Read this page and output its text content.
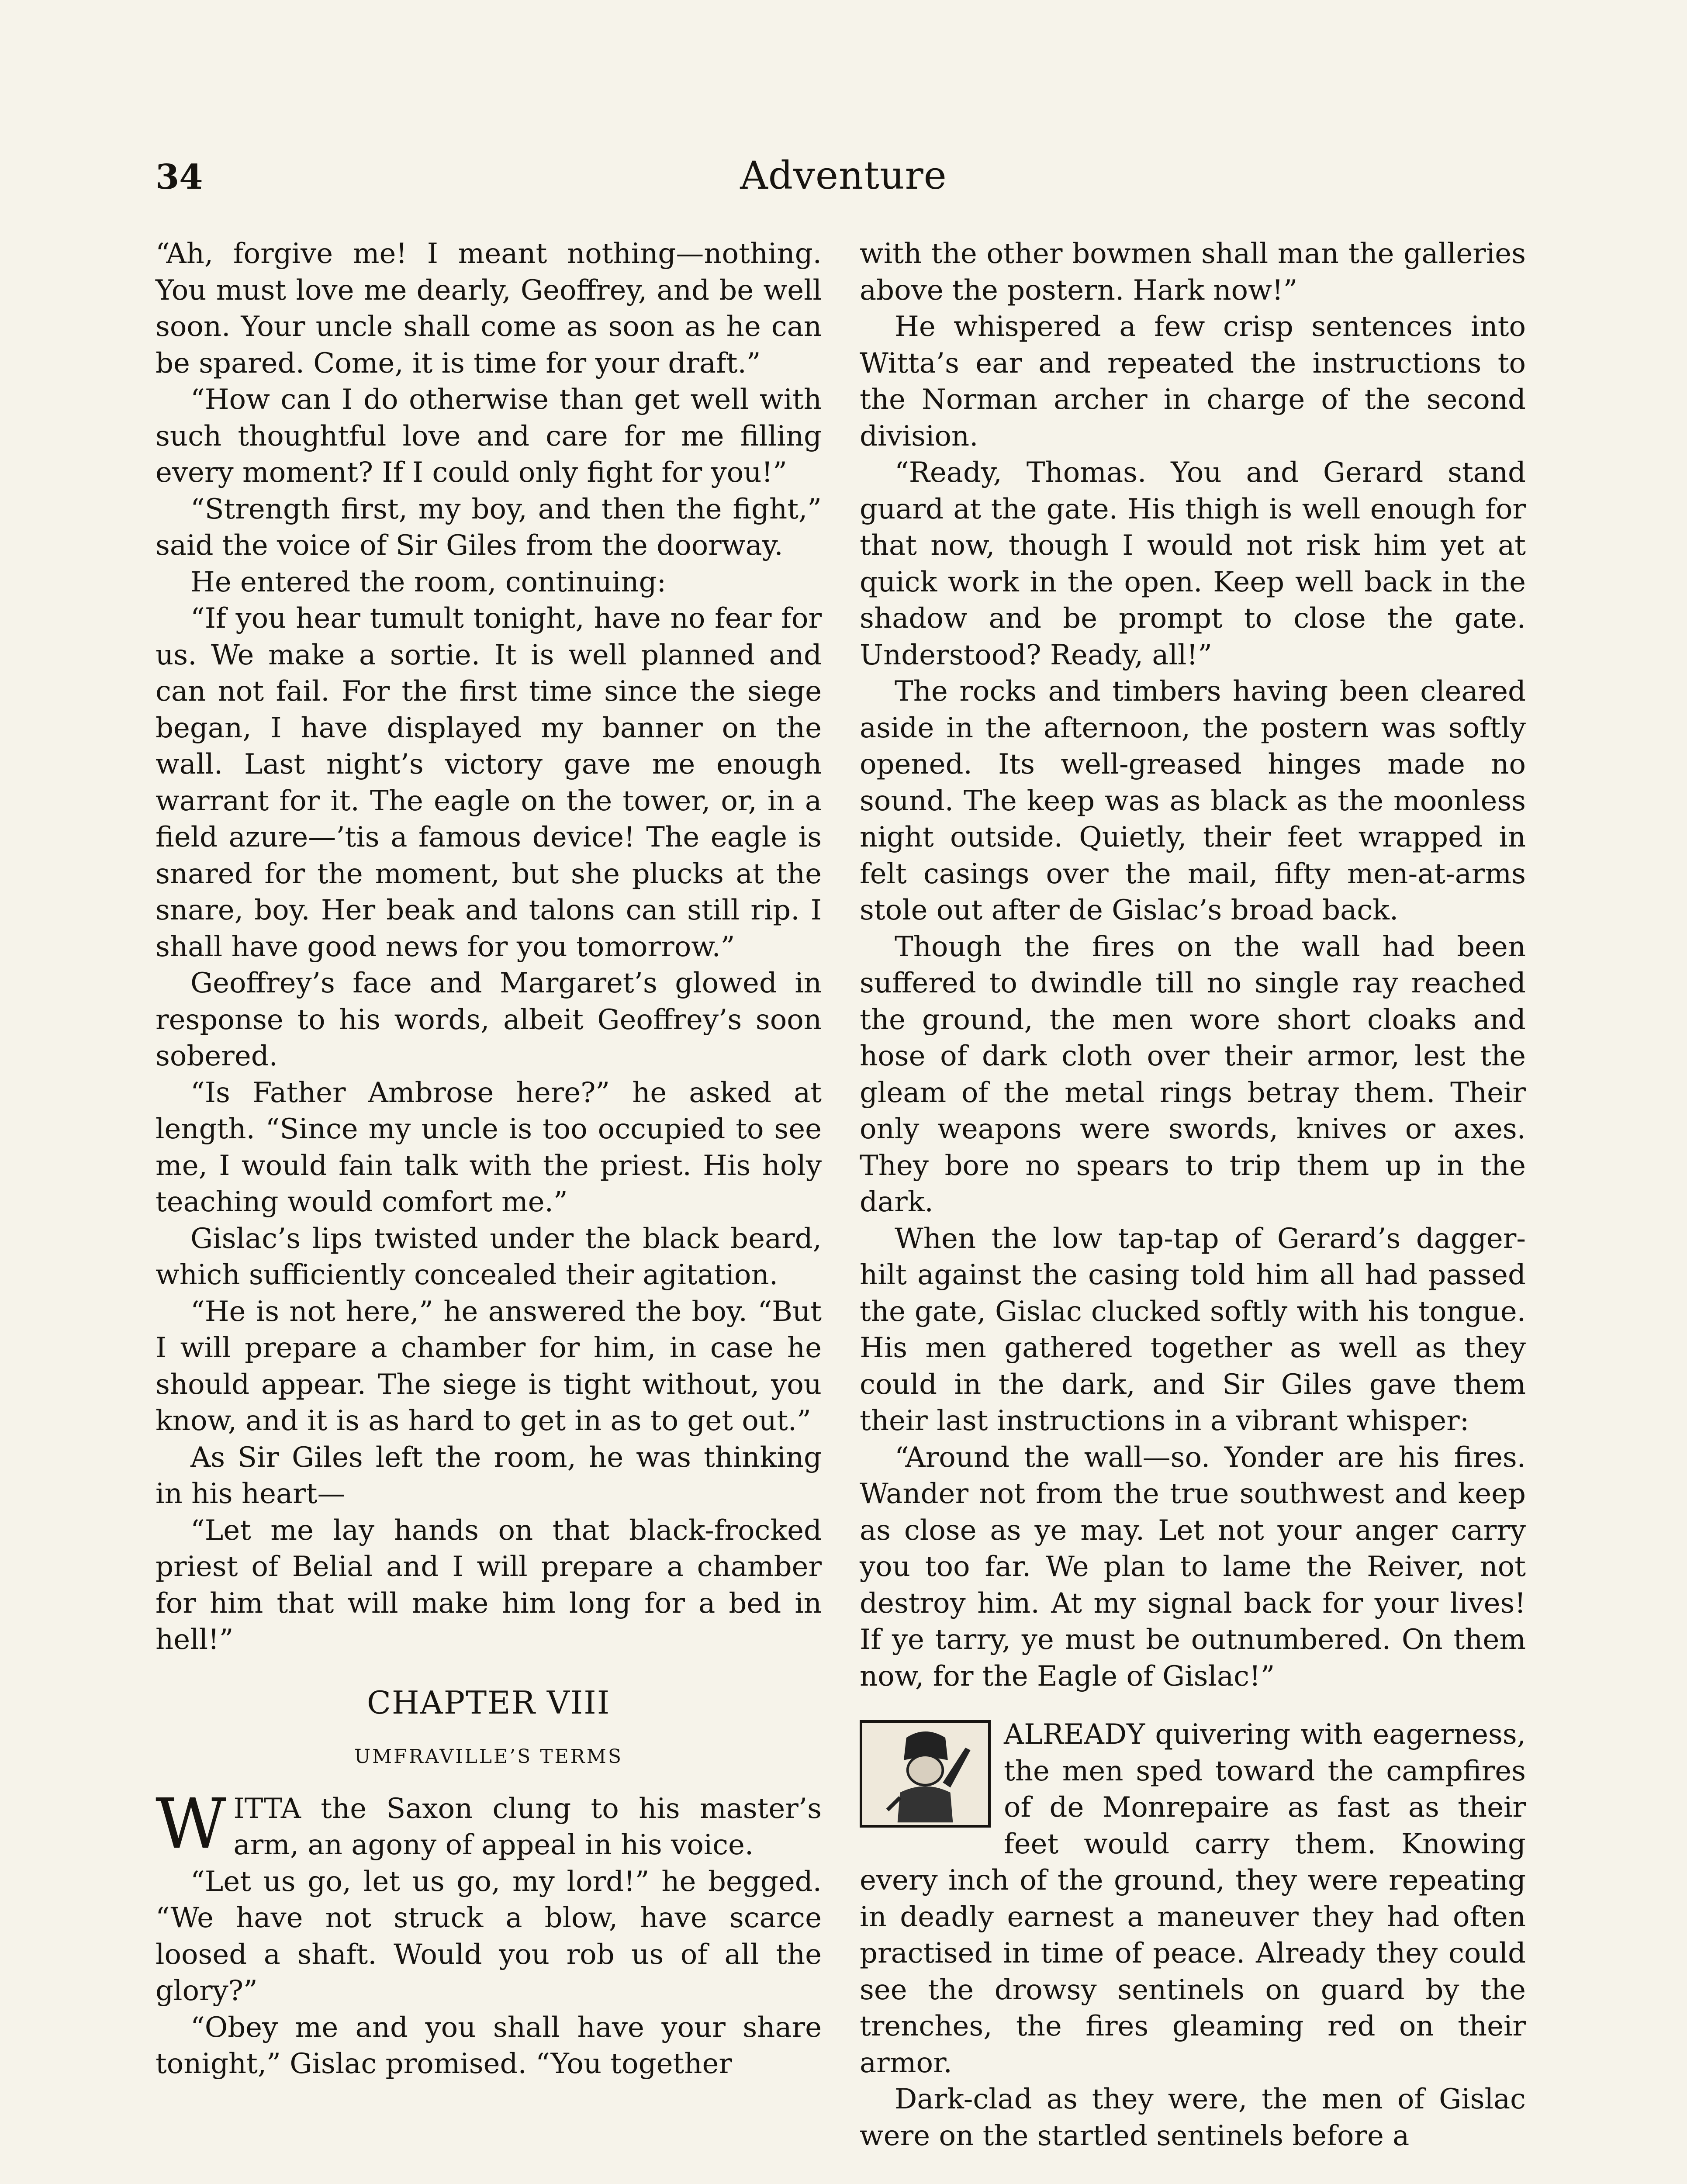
34	Adventure

“Ah, forgive me! I meant nothing—nothing. You must love me dearly, Geoffrey, and be well soon. Your uncle shall come as soon as he can be spared. Come, it is time for your draft.”

“How can I do otherwise than get well with such thoughtful love and care for me filling every moment? If I could only fight for you!”

“Strength first, my boy, and then the fight,” said the voice of Sir Giles from the doorway.

He entered the room, continuing:

“If you hear tumult tonight, have no fear for us. We make a sortie. It is well planned and can not fail. For the first time since the siege began, I have displayed my banner on the wall. Last night’s victory gave me enough warrant for it. The eagle on the tower, or, in a field azure—’tis a famous device! The eagle is snared for the moment, but she plucks at the snare, boy. Her beak and talons can still rip. I shall have good news for you tomorrow.”

Geoffrey’s face and Margaret’s glowed in response to his words, albeit Geoffrey’s soon sobered.

“Is Father Ambrose here?” he asked at length. “Since my uncle is too occupied to see me, I would fain talk with the priest. His holy teaching would comfort me.”

Gislac’s lips twisted under the black beard, which sufficiently concealed their agitation.

“He is not here,” he answered the boy. “But I will prepare a chamber for him, in case he should appear. The siege is tight without, you know, and it is as hard to get in as to get out.”

As Sir Giles left the room, he was thinking in his heart—

“Let me lay hands on that black-frocked priest of Belial and I will prepare a chamber for him that will make him long for a bed in hell!”

CHAPTER VIII
UMFRAVILLE’S TERMS
W ITTA the Saxon clung to his master’s arm, an agony of appeal in his voice.

“Let us go, let us go, my lord!” he begged. “We have not struck a blow, have scarce loosed a shaft. Would you rob us of all the glory?”

“Obey me and you shall have your share tonight,” Gislac promised. “You together

with the other bowmen shall man the galleries above the postern. Hark now!”

He whispered a few crisp sentences into Witta’s ear and repeated the instructions to the Norman archer in charge of the second division.

“Ready, Thomas. You and Gerard stand guard at the gate. His thigh is well enough for that now, though I would not risk him yet at quick work in the open. Keep well back in the shadow and be prompt to close the gate. Understood? Ready, all!”

The rocks and timbers having been cleared aside in the afternoon, the postern was softly opened. Its well-greased hinges made no sound. The keep was as black as the moonless night outside. Quietly, their feet wrapped in felt casings over the mail, fifty men-at-arms stole out after de Gislac’s broad back.

Though the fires on the wall had been suffered to dwindle till no single ray reached the ground, the men wore short cloaks and hose of dark cloth over their armor, lest the gleam of the metal rings betray them. Their only weapons were swords, knives or axes. They bore no spears to trip them up in the dark.

When the low tap-tap of Gerard’s dagger-hilt against the casing told him all had passed the gate, Gislac clucked softly with his tongue. His men gathered together as well as they could in the dark, and Sir Giles gave them their last instructions in a vibrant whisper:

“Around the wall—so. Yonder are his fires. Wander not from the true southwest and keep as close as ye may. Let not your anger carry you too far. We plan to lame the Reiver, not destroy him. At my signal back for your lives! If ye tarry, ye must be outnumbered. On them now, for the Eagle of Gislac!”

ALREADY quivering with eagerness, the men sped toward the campfires of de Monrepaire as fast as their feet would carry them. Knowing every inch of the ground, they were repeating in deadly earnest a maneuver they had often practised in time of peace. Already they could see the drowsy sentinels on guard by the trenches, the fires gleaming red on their armor.

Dark-clad as they were, the men of Gislac were on the startled sentinels before a
